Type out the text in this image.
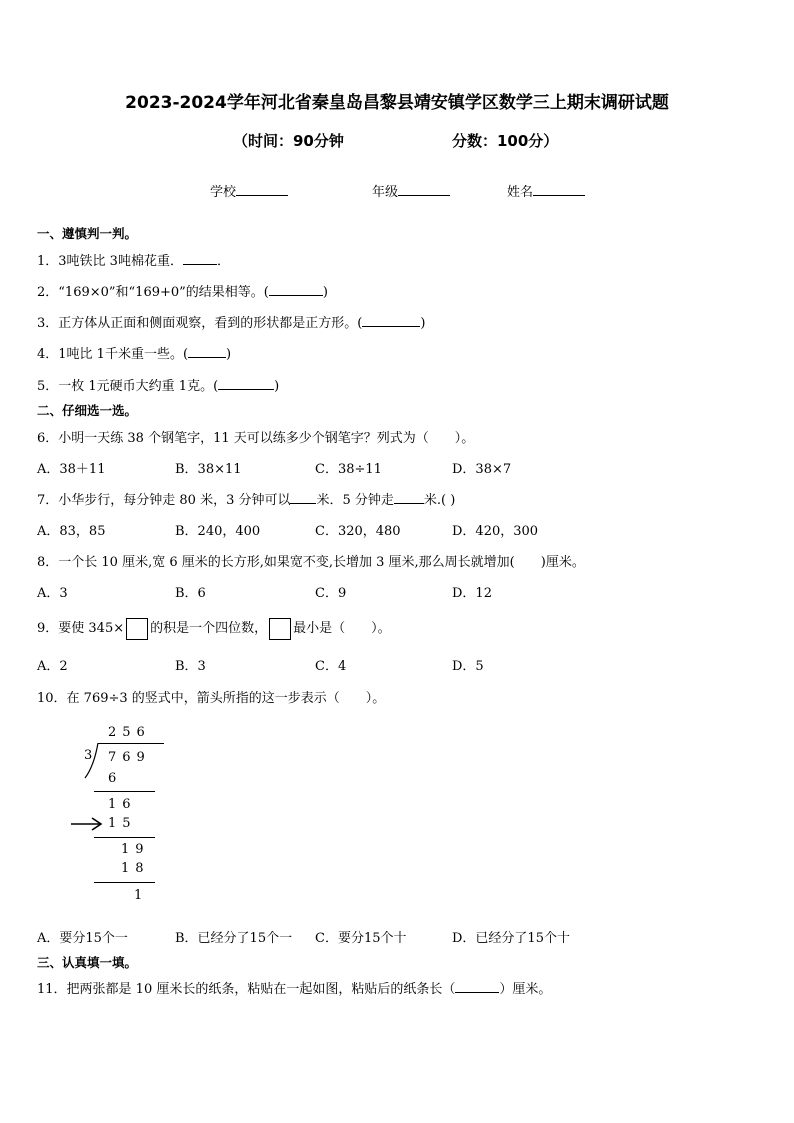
2023-2024学年河北省秦皇岛昌黎县靖安镇学区数学三上期末调研试题
（时间：90分钟	分数：100分）
学校	年级	姓名
一、遵慎判一判。
1．3吨铁比 3吨棉花重．	．
2．“169×0”和“169+0”的结果相等。(	)
3．正方体从正面和侧面观察，看到的形状都是正方形。(	)
4．1吨比 1千米重一些。(	)
5．一枚 1元硬币大约重 1克。(	)
二、仔细选一选。
6．小明一天练 38 个钢笔字，11 天可以练多少个钢笔字？列式为（　　）。
A．38＋11	B．38×11	C．38÷11	D．38×7
7．小华步行，每分钟走 80 米，3 分钟可以 米．5 分钟走 米.( )
A．83，85	B．240，400	C．320，480	D．420，300
8．一个长 10 厘米,宽 6 厘米的长方形,如果宽不变,长增加 3 厘米,那么周长就增加(　　)厘米。
A．3	B．6	C．9	D．12
9．要使 345× 的积是一个四位数， 最小是（　　）。
A．2	B．3	C．4	D．5
10．在 769÷3 的竖式中，箭头所指的这一步表示（　　）。
256
3 769
6
16
15
19
18
1
A．要分15个一	B．已经分了15个一 C．要分15个十	D．已经分了15个十
三、认真填一填。
11．把两张都是 10 厘米长的纸条，粘贴在一起如图，粘贴后的纸条长（	）厘米。
